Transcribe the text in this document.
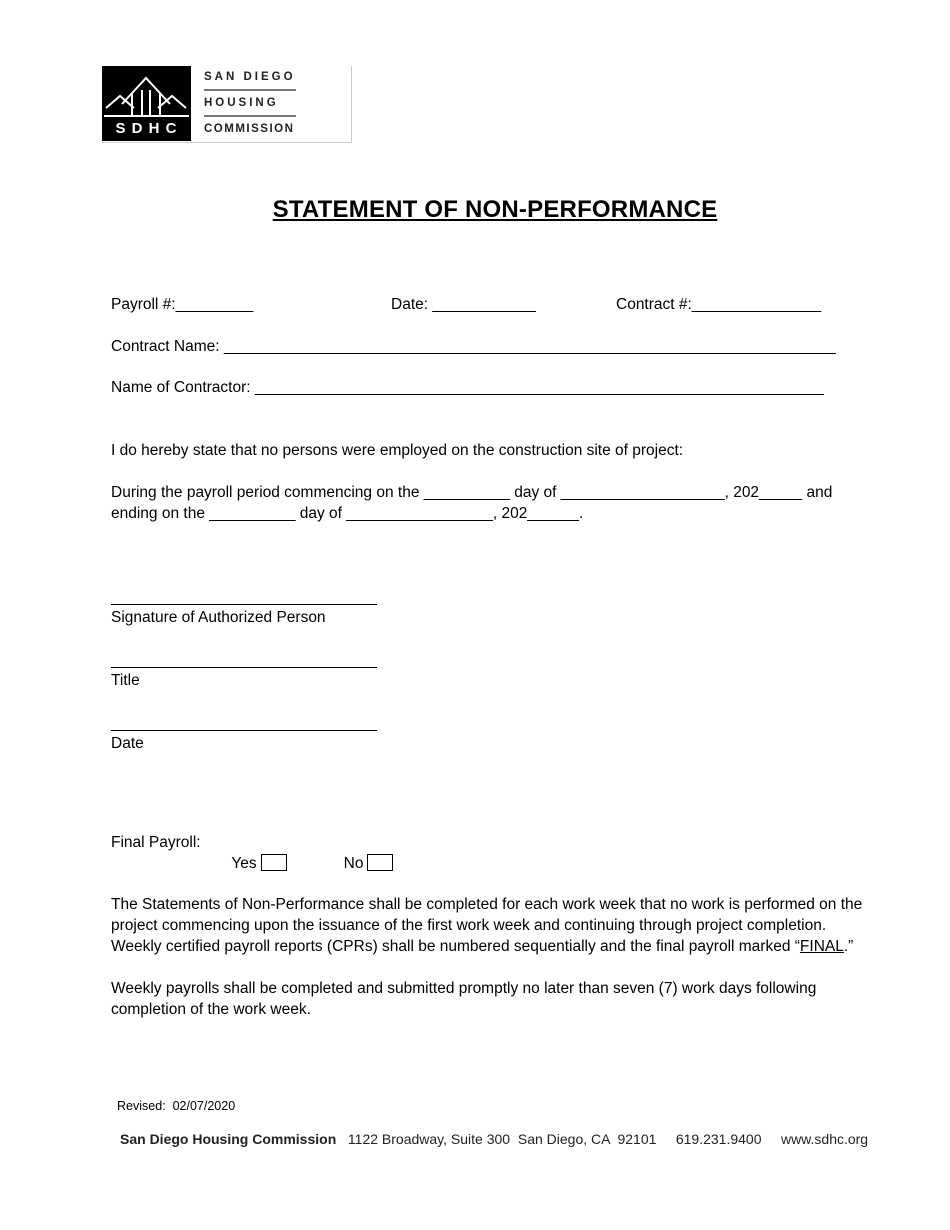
S D H C
SAN DIEGO
HOUSING
COMMISSION
STATEMENT OF NON-PERFORMANCE
Payroll #:_________	Date: ____________	Contract #:_______________
Contract Name: _______________________________________________________________________
Name of Contractor: __________________________________________________________________
I do hereby state that no persons were employed on the construction site of project:
During the payroll period commencing on the __________ day of ___________________, 202_____ and
ending on the __________ day of _________________, 202______.
Signature of Authorized Person
Title
Date
Final Payroll:

Yes	No

The Statements of Non-Performance shall be completed for each work week that no work is performed on the
project commencing upon the issuance of the first work week and continuing through project completion.
Weekly certified payroll reports (CPRs) shall be numbered sequentially and the final payroll marked “FINAL.”
Weekly payrolls shall be completed and submitted promptly no later than seven (7) work days following
completion of the work week.
Revised:  02/07/2020
San Diego Housing Commission 1122 Broadway, Suite 300  San Diego, CA  92101 619.231.9400 www.sdhc.org
